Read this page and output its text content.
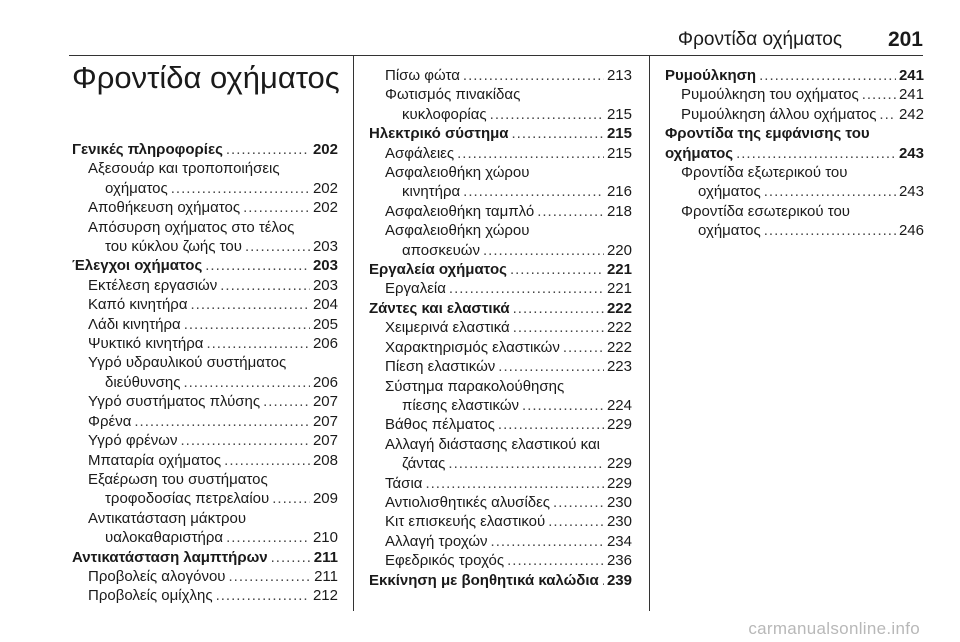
Φροντίδα οχήματος 201
Φροντίδα οχήματος
Γενικές πληροφορίες .....	202
Αξεσουάρ και τροποποιήσεις
οχήματος .....	202
Αποθήκευση οχήματος .....	202
Απόσυρση οχήματος στο τέλος
του κύκλου ζωής του .....	203
Έλεγχοι οχήματος .....	203
Εκτέλεση εργασιών .....	203
Καπό κινητήρα .....	204
Λάδι κινητήρα .....	205
Ψυκτικό κινητήρα .....	206
Υγρό υδραυλικού συστήματος
διεύθυνσης .....	206
Υγρό συστήματος πλύσης .....	207
Φρένα .....	207
Υγρό φρένων .....	207
Μπαταρία οχήματος .....	208
Εξαέρωση του συστήματος
τροφοδοσίας πετρελαίου .....	209
Αντικατάσταση μάκτρου
υαλοκαθαριστήρα .....	210
Αντικατάσταση λαμπτήρων .....	211
Προβολείς αλογόνου .....	211
Προβολείς ομίχλης .....	212
Πίσω φώτα .....	213
Φωτισμός πινακίδας
κυκλοφορίας .....	215
Ηλεκτρικό σύστημα .....	215
Ασφάλειες .....	215
Ασφαλειοθήκη χώρου
κινητήρα .....	216
Ασφαλειοθήκη ταμπλό .....	218
Ασφαλειοθήκη χώρου
αποσκευών .....	220
Εργαλεία οχήματος .....	221
Εργαλεία .....	221
Ζάντες και ελαστικά .....	222
Χειμερινά ελαστικά .....	222
Χαρακτηρισμός ελαστικών .....	222
Πίεση ελαστικών .....	223
Σύστημα παρακολούθησης
πίεσης ελαστικών .....	224
Βάθος πέλματος .....	229
Αλλαγή διάστασης ελαστικού και
ζάντας .....	229
Τάσια .....	229
Αντιολισθητικές αλυσίδες .....	230
Κιτ επισκευής ελαστικού .....	230
Αλλαγή τροχών .....	234
Εφεδρικός τροχός .....	236
Εκκίνηση με βοηθητικά καλώδια ..... 239
Ρυμούλκηση .....	241
Ρυμούλκηση του οχήματος .....	241
Ρυμούλκηση άλλου οχήματος ..... 242
Φροντίδα της εμφάνισης του
οχήματος .....	243
Φροντίδα εξωτερικού του
οχήματος .....	243
Φροντίδα εσωτερικού του
οχήματος .....	246
carmanualsonline.info
